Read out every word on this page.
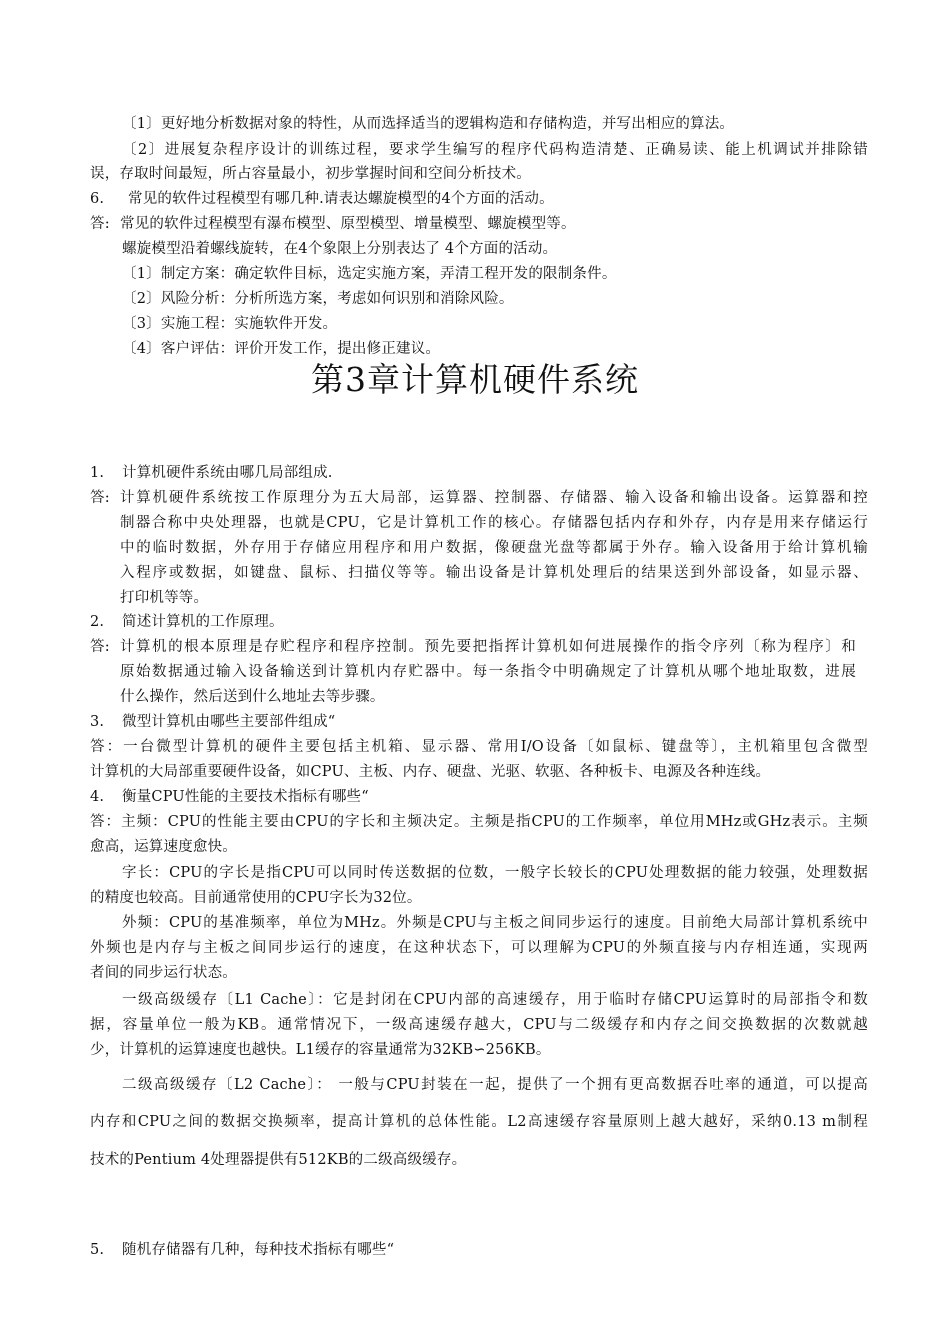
〔1〕更好地分析数据对象的特性，从而选择适当的逻辑构造和存储构造，并写出相应的算法。
〔2〕进展复杂程序设计的训练过程，要求学生编写的程序代码构造清楚、正确易读、能上机调试并排除错
误，存取时间最短，所占容量最小，初步掌握时间和空间分析技术。
6. 常见的软件过程模型有哪几种.请表达螺旋模型的4个方面的活动。
答: 常见的软件过程模型有瀑布模型、原型模型、增量模型、螺旋模型等。
螺旋模型沿着螺线旋转，在4个象限上分别表达了 4个方面的活动。
〔1〕制定方案：确定软件目标，选定实施方案，弄清工程开发的限制条件。
〔2〕风险分析：分析所选方案，考虑如何识别和消除风险。
〔3〕实施工程：实施软件开发。
〔4〕客户评估：评价开发工作，提出修正建议。
第3章计算机硬件系统
1. 计算机硬件系统由哪几局部组成.
答: 计算机硬件系统按工作原理分为五大局部，运算器、控制器、存储器、输入设备和输出设备。运算器和控
制器合称中央处理器，也就是CPU，它是计算机工作的核心。存储器包括内存和外存，内存是用来存储运行
中的临时数据，外存用于存储应用程序和用户数据，像硬盘光盘等都属于外存。输入设备用于给计算机输
入程序或数据，如键盘、鼠标、扫描仪等等。输出设备是计算机处理后的结果送到外部设备，如显示器、
打印机等等。
2. 简述计算机的工作原理。
答: 计算机的根本原理是存贮程序和程序控制。预先要把指挥计算机如何进展操作的指令序列〔称为程序〕和
原始数据通过输入设备输送到计算机内存贮器中。每一条指令中明确规定了计算机从哪个地址取数，进展
什么操作，然后送到什么地址去等步骤。
3. 微型计算机由哪些主要部件组成“
答：一台微型计算机的硬件主要包括主机箱、显示器、常用I/O设备〔如鼠标、键盘等〕，主机箱里包含微型
计算机的大局部重要硬件设备，如CPU、主板、内存、硬盘、光驱、软驱、各种板卡、电源及各种连线。
4. 衡量CPU性能的主要技术指标有哪些“
答：主频：CPU的性能主要由CPU的字长和主频决定。主频是指CPU的工作频率，单位用MHz或GHz表示。主频
愈高，运算速度愈快。
字长：CPU的字长是指CPU可以同时传送数据的位数，一般字长较长的CPU处理数据的能力较强，处理数据
的精度也较高。目前通常使用的CPU字长为32位。
外频：CPU的基准频率，单位为MHz。外频是CPU与主板之间同步运行的速度。目前绝大局部计算机系统中
外频也是内存与主板之间同步运行的速度，在这种状态下，可以理解为CPU的外频直接与内存相连通，实现两
者间的同步运行状态。
一级高级缓存〔L1 Cache〕：它是封闭在CPU内部的高速缓存，用于临时存储CPU运算时的局部指令和数
据，容量单位一般为KB。通常情况下，一级高速缓存越大，CPU与二级缓存和内存之间交换数据的次数就越
少，计算机的运算速度也越快。L1缓存的容量通常为32KB∽256KB。
二级高级缓存〔L2 Cache〕： 一般与CPU封装在一起，提供了一个拥有更高数据吞吐率的通道，可以提高
内存和CPU之间的数据交换频率，提高计算机的总体性能。L2高速缓存容量原则上越大越好，采纳0.13 m制程
技术的Pentium 4处理器提供有512KB的二级高级缓存。
5. 随机存储器有几种，每种技术指标有哪些“
